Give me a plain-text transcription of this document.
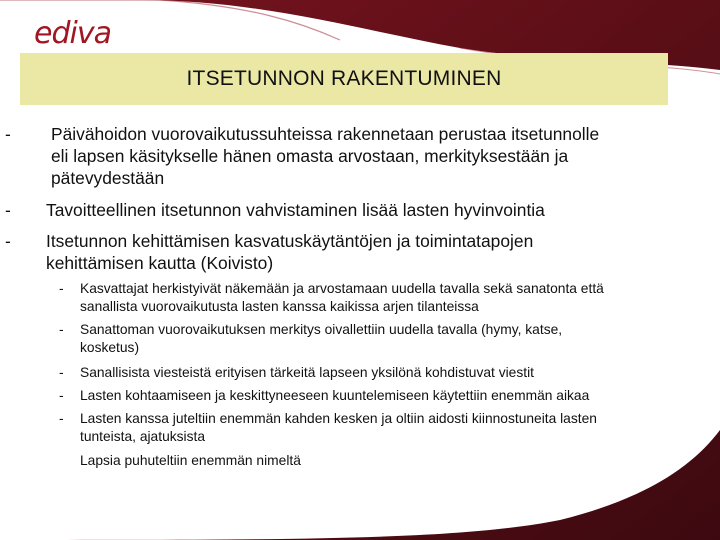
ediva
ITSETUNNON RAKENTUMINEN
- Päivähoidon vuorovaikutussuhteissa rakennetaan perustaa itsetunnolle
eli lapsen käsitykselle hänen omasta arvostaan, merkityksestään ja
pätevydestään
- Tavoitteellinen itsetunnon vahvistaminen lisää lasten hyvinvointia
- Itsetunnon kehittämisen kasvatuskäytäntöjen ja toimintatapojen
kehittämisen kautta (Koivisto)
- Kasvattajat herkistyivät näkemään ja arvostamaan uudella tavalla sekä sanatonta että
sanallista vuorovaikutusta lasten kanssa kaikissa arjen tilanteissa
- Sanattoman vuorovaikutuksen merkitys oivallettiin uudella tavalla (hymy, katse,
kosketus)
- Sanallisista viesteistä erityisen tärkeitä lapseen yksilönä kohdistuvat viestit
- Lasten kohtaamiseen ja keskittyneeseen kuuntelemiseen käytettiin enemmän aikaa
- Lasten kanssa juteltiin enemmän kahden kesken ja oltiin aidosti kiinnostuneita lasten
tunteista, ajatuksista
Lapsia puhuteltiin enemmän nimeltä
